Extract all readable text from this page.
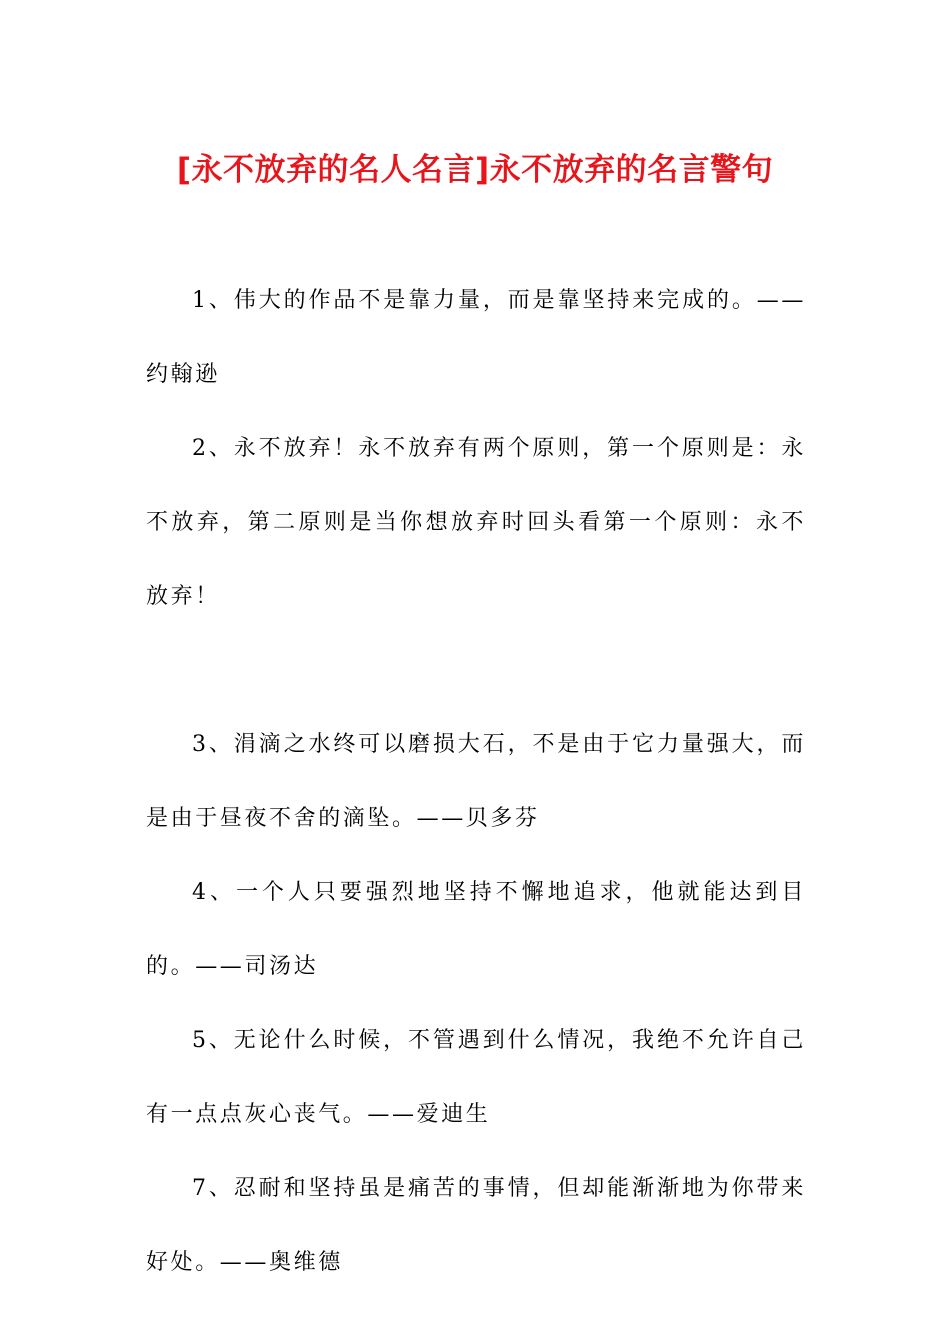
[永不放弃的名人名言]永不放弃的名言警句

1、伟大的作品不是靠力量，而是靠坚持来完成的。——约翰逊

2、永不放弃！永不放弃有两个原则，第一个原则是：永不放弃，第二原则是当你想放弃时回头看第一个原则：永不放弃！

3、涓滴之水终可以磨损大石，不是由于它力量强大，而是由于昼夜不舍的滴坠。——贝多芬

4、一个人只要强烈地坚持不懈地追求，他就能达到目的。——司汤达

5、无论什么时候，不管遇到什么情况，我绝不允许自己有一点点灰心丧气。——爱迪生

7、忍耐和坚持虽是痛苦的事情，但却能渐渐地为你带来好处。——奥维德
